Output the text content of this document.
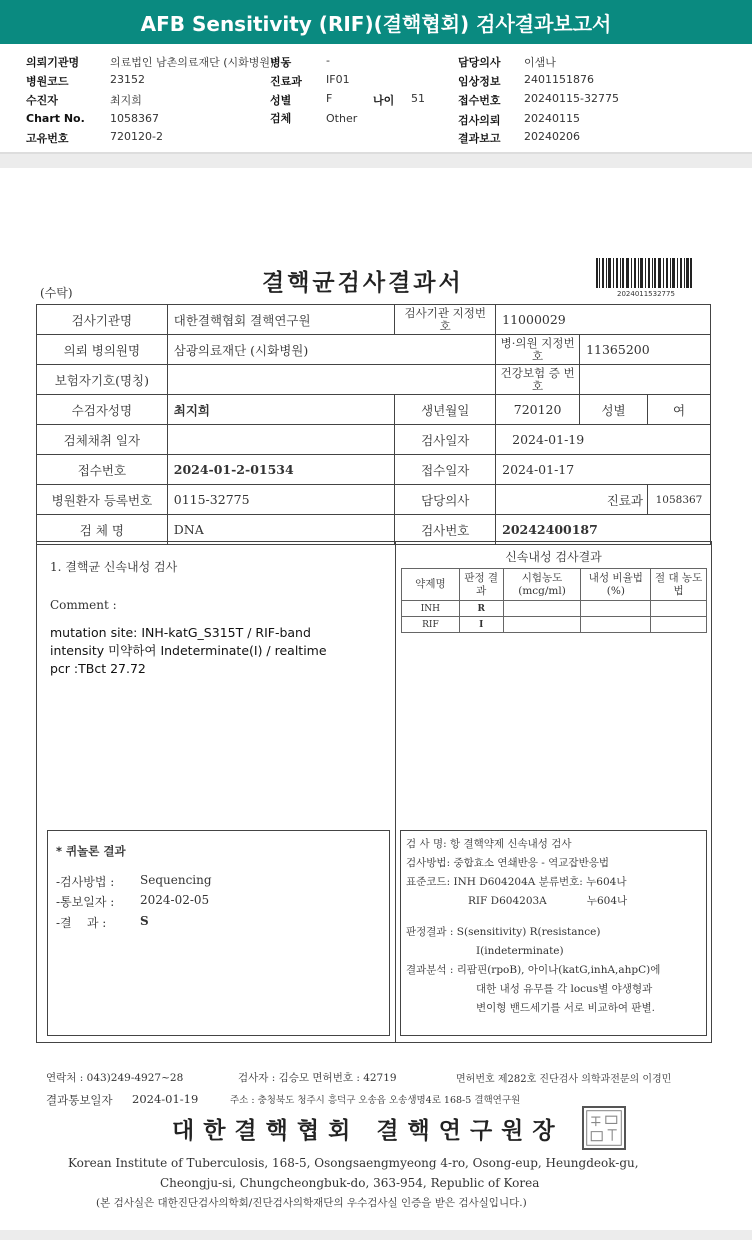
AFB Sensitivity (RIF)(결핵협회) 검사결과보고서
의뢰기관명	의료법인 남촌의료재단 (시화병원)
병원코드	23152
수진자	최지희
Chart No. 1058367
고유번호	720120-2
병동	-
진료과 IF01
성별	F	나이 51
검체	Other
담당의사 이샘나
임상정보 2401151876
접수번호 20240115-32775
검사의뢰 20240115
결과보고 20240206
(수탁)	결핵균검사결과서	2024011532775
검사기관명	대한결핵협회 결핵연구원	검사기관 지정번호	11000029		
의뢰 병의원명	삼광의료재단 (시화병원)		병·의원 지정번호	11365200	
보험자기호(명칭)			건강보험 증 번 호		
수검자성명	최지희	생년월일	720120	성별	여
검체채취 일자		검사일자	2024-01-19		
접수번호	2024-01-2-01534	접수일자	2024-01-17		
병원환자 등록번호	0115-32775	담당의사	진료과		1058367
검 체 명	DNA	검사번호	20242400187		
1. 결핵균 신속내성 검사
Comment :
mutation site: INH-katG_S315T / RIF-band
intensity 미약하여 Indeterminate(I) / realtime
pcr :TBct 27.72
* 퀴놀론 결과
-검사방법 : Sequencing
-통보일자 : 2024-02-05
-결    과 :	S
신속내성 검사결과
약제명	판정 결과	시험농도 (mcg/ml)	내성 비율법(%)	절 대 농도법
INH	R			
RIF	I			
검 사 명: 항 결핵약제 신속내성 검사
검사방법: 중합효소 연쇄반응 - 역교잡반응법
표준코드: INH D604204A 분류번호: 누604나
RIF D604203A            누604나
판정결과 : S(sensitivity) R(resistance)
I(indeterminate)
결과분석 : 리팜핀(rpoB), 아이나(katG,inhA,ahpC)에
대한 내성 유무를 각 locus별 야생형과
변이형 밴드세기를 서로 비교하여 판별.
연락처 : 043)249-4927~28	검사자 : 김승모 면허번호 : 42719	면허번호 제282호 진단검사 의학과전문의 이경민
결과통보일자 2024-01-19	주소 : 충청북도 청주시 흥덕구 오송읍 오송생명4로 168-5 결핵연구원
대한결핵협회 결핵연구원장
Korean Institute of Tuberculosis, 168-5, Osongsaengmyeong 4-ro, Osong-eup, Heungdeok-gu,
Cheongju-si, Chungcheongbuk-do, 363-954, Republic of Korea
(본 검사실은 대한진단검사의학회/진단검사의학재단의 우수검사실 인증을 받은 검사실입니다.)
